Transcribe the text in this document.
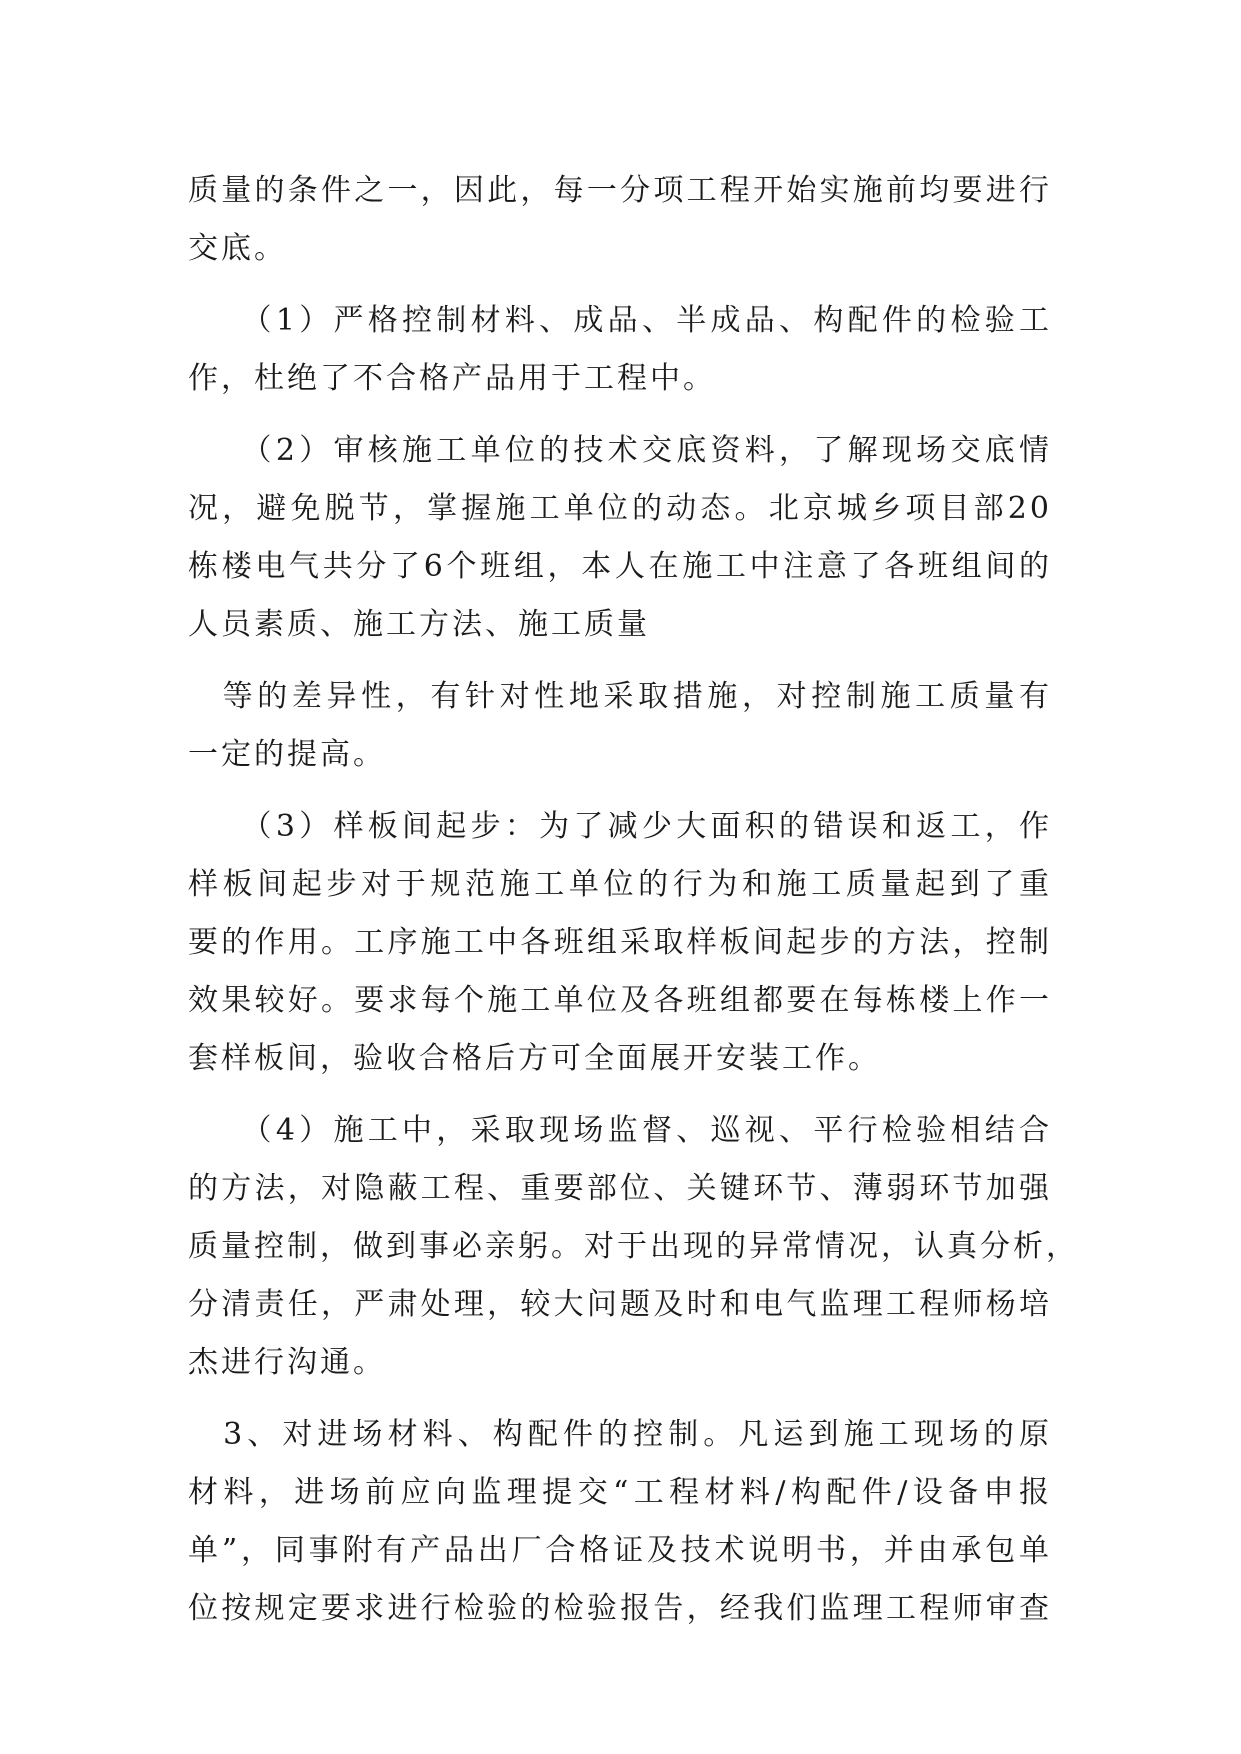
质量的条件之一，因此，每一分项工程开始实施前均要进行
交底。
　　（1）严格控制材料、成品、半成品、构配件的检验工
作，杜绝了不合格产品用于工程中。
　　（2）审核施工单位的技术交底资料，了解现场交底情
况，避免脱节，掌握施工单位的动态。北京城乡项目部20
栋楼电气共分了6个班组，本人在施工中注意了各班组间的
人员素质、施工方法、施工质量
　等的差异性，有针对性地采取措施，对控制施工质量有
一定的提高。
　　（3）样板间起步：为了减少大面积的错误和返工，作
样板间起步对于规范施工单位的行为和施工质量起到了重
要的作用。工序施工中各班组采取样板间起步的方法，控制
效果较好。要求每个施工单位及各班组都要在每栋楼上作一
套样板间，验收合格后方可全面展开安装工作。
　　（4）施工中，采取现场监督、巡视、平行检验相结合
的方法，对隐蔽工程、重要部位、关键环节、薄弱环节加强
质量控制，做到事必亲躬。对于出现的异常情况，认真分析，
分清责任，严肃处理，较大问题及时和电气监理工程师杨培
杰进行沟通。
　3、对进场材料、构配件的控制。凡运到施工现场的原
材料，进场前应向监理提交“工程材料/构配件/设备申报
单”，同事附有产品出厂合格证及技术说明书，并由承包单
位按规定要求进行检验的检验报告，经我们监理工程师审查
